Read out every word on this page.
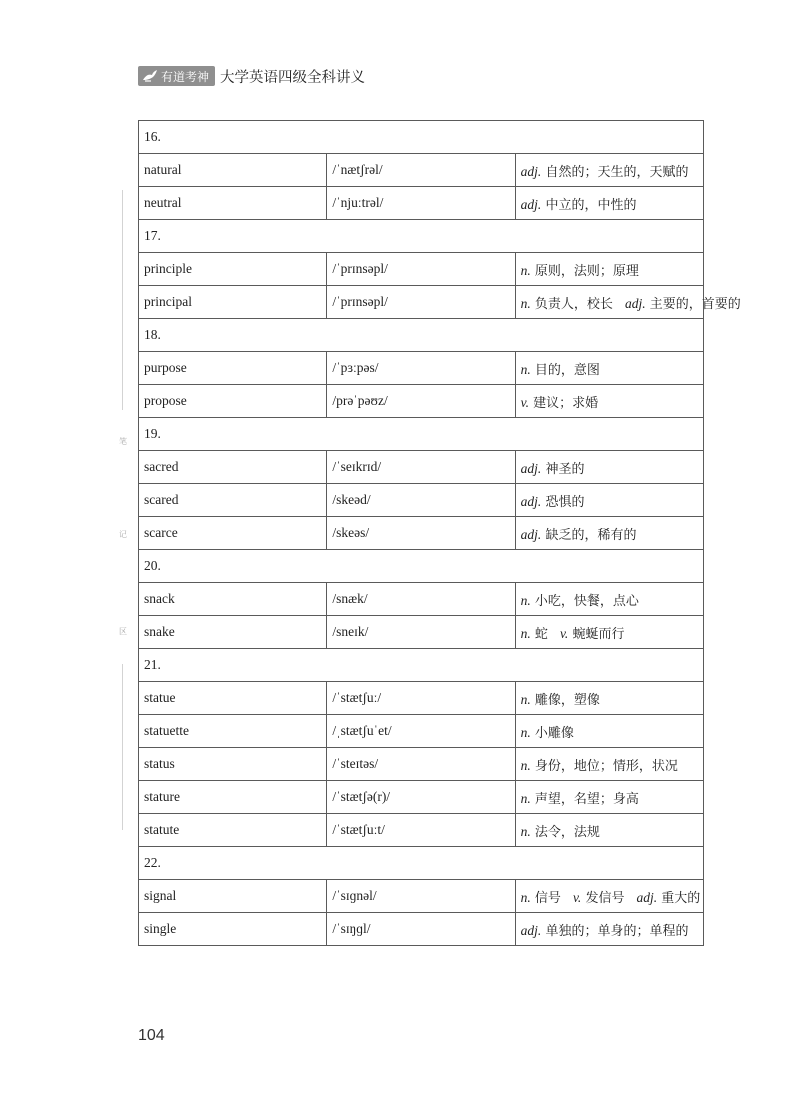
有道考神 大学英语四级全科讲义
笔
记
区
16.		
natural	/ˈnætʃrəl/	adj. 自然的；天生的，天赋的
neutral	/ˈnjuːtrəl/	adj. 中立的，中性的
17.		
principle	/ˈprɪnsəpl/	n. 原则，法则；原理
principal	/ˈprɪnsəpl/	n. 负责人，校长 adj. 主要的，首要的
18.		
purpose	/ˈpɜːpəs/	n. 目的，意图
propose	/prəˈpəʊz/	v. 建议；求婚
19.		
sacred	/ˈseɪkrɪd/	adj. 神圣的
scared	/skeəd/	adj. 恐惧的
scarce	/skeəs/	adj. 缺乏的，稀有的
20.		
snack	/snæk/	n. 小吃，快餐，点心
snake	/sneɪk/	n. 蛇 v. 蜿蜒而行
21.		
statue	/ˈstætʃuː/	n. 雕像，塑像
statuette	/ˌstætʃuˈet/	n. 小雕像
status	/ˈsteɪtəs/	n. 身份，地位；情形，状况
stature	/ˈstætʃə(r)/	n. 声望，名望；身高
statute	/ˈstætʃuːt/	n. 法令，法规
22.		
signal	/ˈsɪɡnəl/	n. 信号 v. 发信号 adj. 重大的
single	/ˈsɪŋɡl/	adj. 单独的；单身的；单程的
104
